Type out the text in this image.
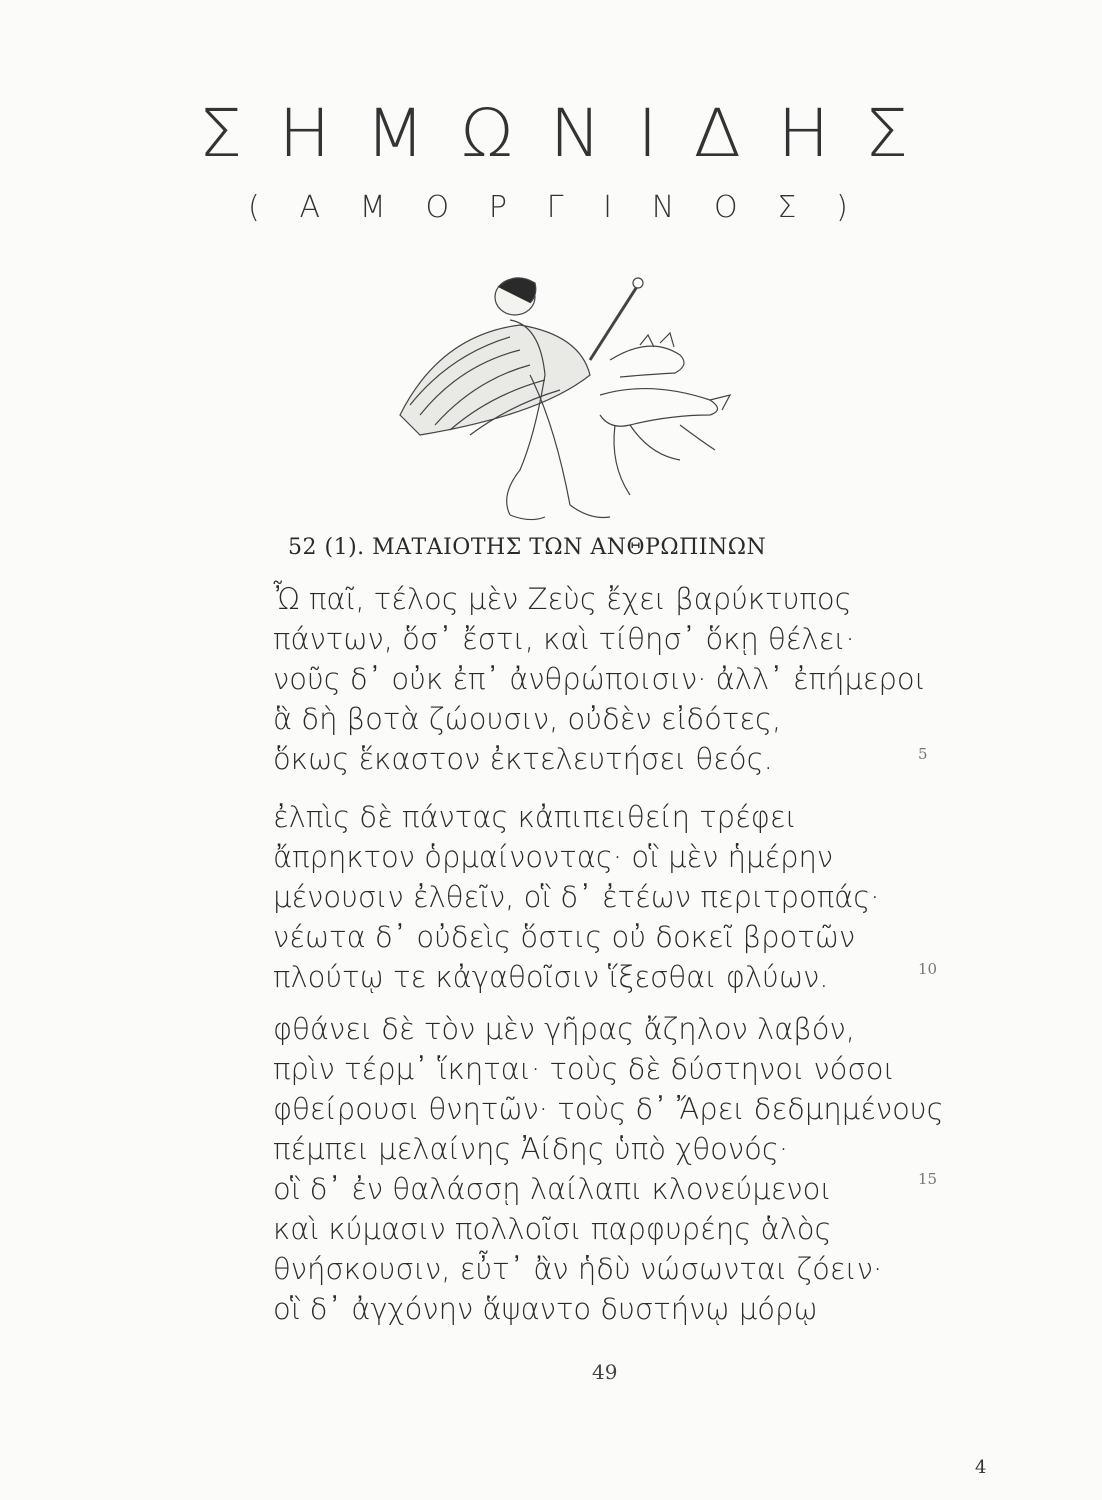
Σ Η Μ Ω Ν Ι Δ Η Σ
( Α Μ Ο Ρ Γ Ι Ν Ο Σ )
52 (1). ΜΑΤΑΙΟΤΗΣ ΤΩΝ ΑΝΘΡΩΠΙΝΩΝ
Ὦ παῖ, τέλος μὲν Ζεὺς ἔχει βαρύκτυπος
πάντων, ὅσ᾽ ἔστι, καὶ τίθησ᾽ ὅκῃ θέλει·
νοῦς δ᾽ οὐκ ἐπ᾽ ἀνθρώποισιν· ἀλλ᾽ ἐπήμεροι
ἃ δὴ βοτὰ ζώουσιν, οὐδὲν εἰδότες,
ὅκως ἕκαστον ἐκτελευτήσει θεός.	5
ἐλπὶς δὲ πάντας κἀπιπειθείη τρέφει
ἄπρηκτον ὁρμαίνοντας· οἳ μὲν ἡμέρην
μένουσιν ἐλθεῖν, οἳ δ᾽ ἐτέων περιτροπάς·
νέωτα δ᾽ οὐδεὶς ὅστις οὐ δοκεῖ βροτῶν
πλούτῳ τε κἀγαθοῖσιν ἵξεσθαι φλύων.	10
φθάνει δὲ τὸν μὲν γῆρας ἄζηλον λαβόν,
πρὶν τέρμ᾽ ἵκηται· τοὺς δὲ δύστηνοι νόσοι
φθείρουσι θνητῶν· τοὺς δ᾽ Ἄρει δεδμημένους
πέμπει μελαίνης Ἀίδης ὑπὸ χθονός·
οἳ δ᾽ ἐν θαλάσσῃ λαίλαπι κλονεύμενοι	15
καὶ κύμασιν πολλοῖσι παρφυρέης ἁλὸς
θνήσκουσιν, εὖτ᾽ ἂν ἡδὺ νώσωνται ζόειν·
οἳ δ᾽ ἀγχόνην ἅψαντο δυστήνῳ μόρῳ
49
4
